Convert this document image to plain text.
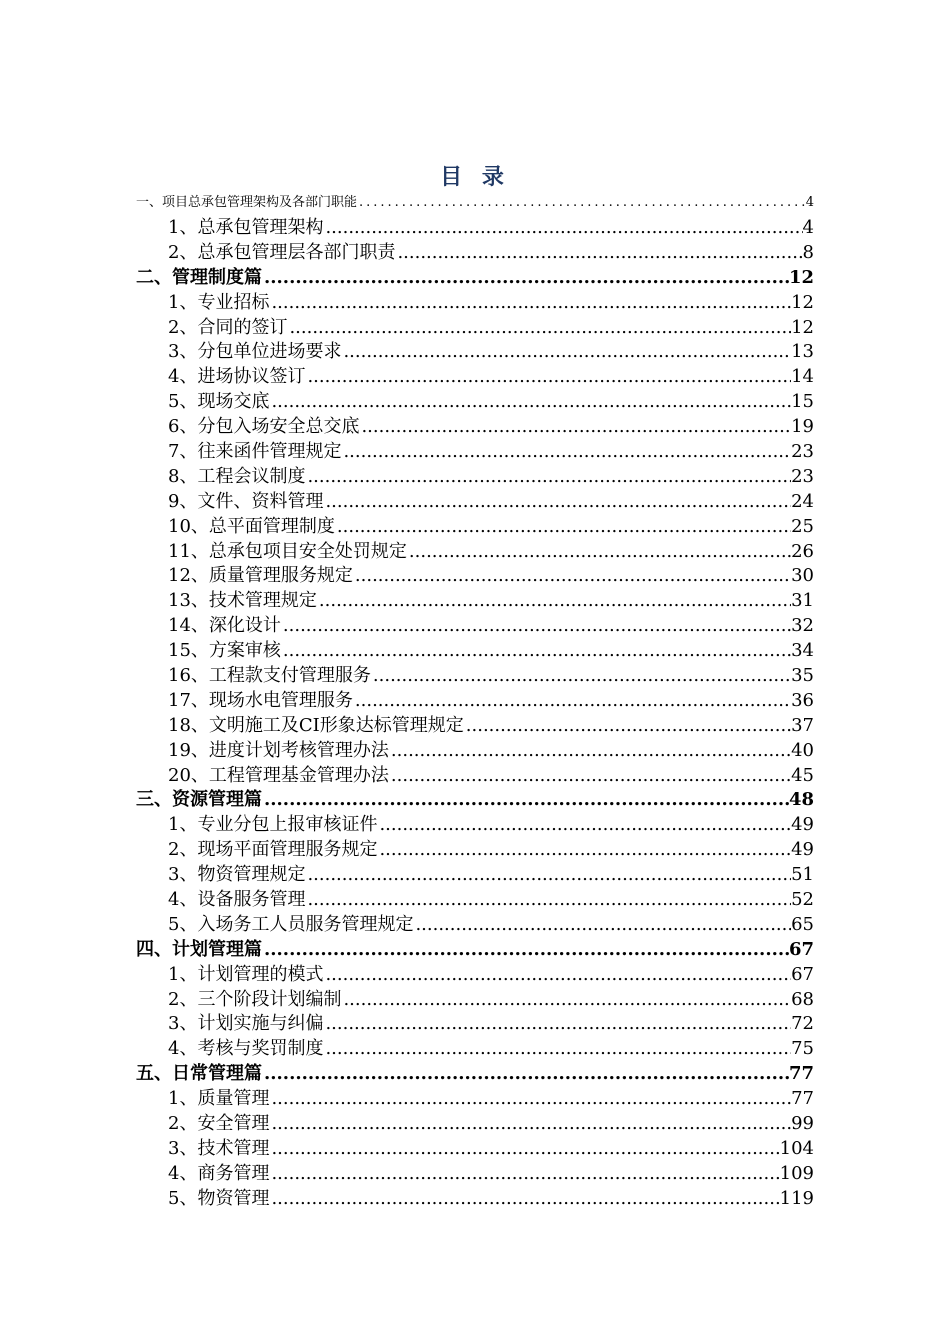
目 录
一、项目总承包管理架构及各部门职能 .....	4
1、总承包管理架构 .....	4
2、总承包管理层各部门职责 .....	8
二、管理制度篇 .....	12
1、专业招标 .....	12
2、合同的签订 .....	12
3、分包单位进场要求 .....	13
4、进场协议签订 .....	14
5、现场交底 .....	15
6、分包入场安全总交底 .....	19
7、往来函件管理规定 .....	23
8、工程会议制度 .....	23
9、文件、资料管理 .....	24
10、总平面管理制度 .....	25
11、总承包项目安全处罚规定 .....	26
12、质量管理服务规定 .....	30
13、技术管理规定 .....	31
14、深化设计 .....	32
15、方案审核 .....	34
16、工程款支付管理服务 .....	35
17、现场水电管理服务 .....	36
18、文明施工及CI形象达标管理规定 .....	37
19、进度计划考核管理办法 .....	40
20、工程管理基金管理办法 .....	45
三、资源管理篇 .....	48
1、专业分包上报审核证件 .....	49
2、现场平面管理服务规定 .....	49
3、物资管理规定 .....	51
4、设备服务管理 .....	52
5、入场务工人员服务管理规定 .....	65
四、计划管理篇 .....	67
1、计划管理的模式 .....	67
2、三个阶段计划编制 .....	68
3、计划实施与纠偏 .....	72
4、考核与奖罚制度 .....	75
五、日常管理篇 .....	77
1、质量管理 .....	77
2、安全管理 .....	99
3、技术管理 .....	104
4、商务管理 .....	109
5、物资管理 .....	119
